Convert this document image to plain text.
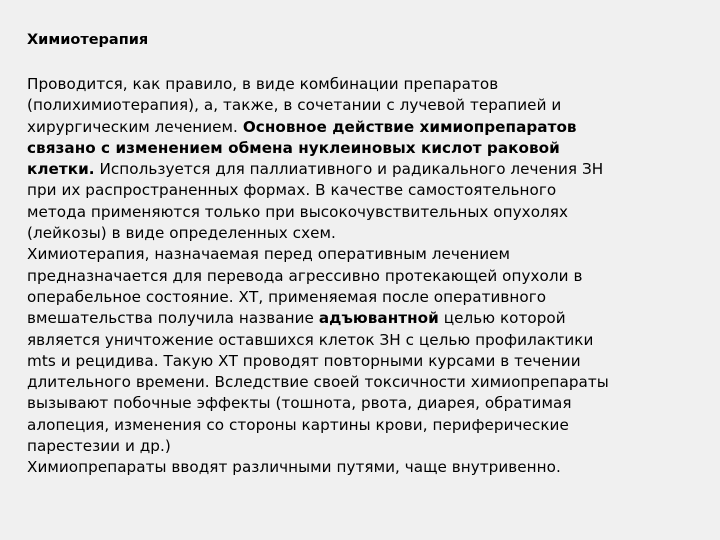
Химиотерапия
Проводится, как правило, в виде комбинации препаратов
(полихимиотерапия), а, также, в сочетании с лучевой терапией и
хирургическим лечением. Основное действие химиопрепаратов
связано с изменением обмена нуклеиновых кислот раковой
клетки. Используется для паллиативного и радикального лечения ЗН
при их распространенных формах. В качестве самостоятельного
метода применяются только при высокочувствительных опухолях
(лейкозы) в виде определенных схем.
Химиотерапия, назначаемая перед оперативным лечением
предназначается для перевода агрессивно протекающей опухоли в
операбельное состояние. ХТ, применяемая после оперативного
вмешательства получила название адъювантной целью которой
является уничтожение оставшихся клеток ЗН с целью профилактики
mts и рецидива. Такую ХТ проводят повторными курсами в течении
длительного времени. Вследствие своей токсичности химиопрепараты
вызывают побочные эффекты (тошнота, рвота, диарея, обратимая
алопеция, изменения со стороны картины крови, периферические
парестезии и др.)
Химиопрепараты вводят различными путями, чаще внутривенно.
